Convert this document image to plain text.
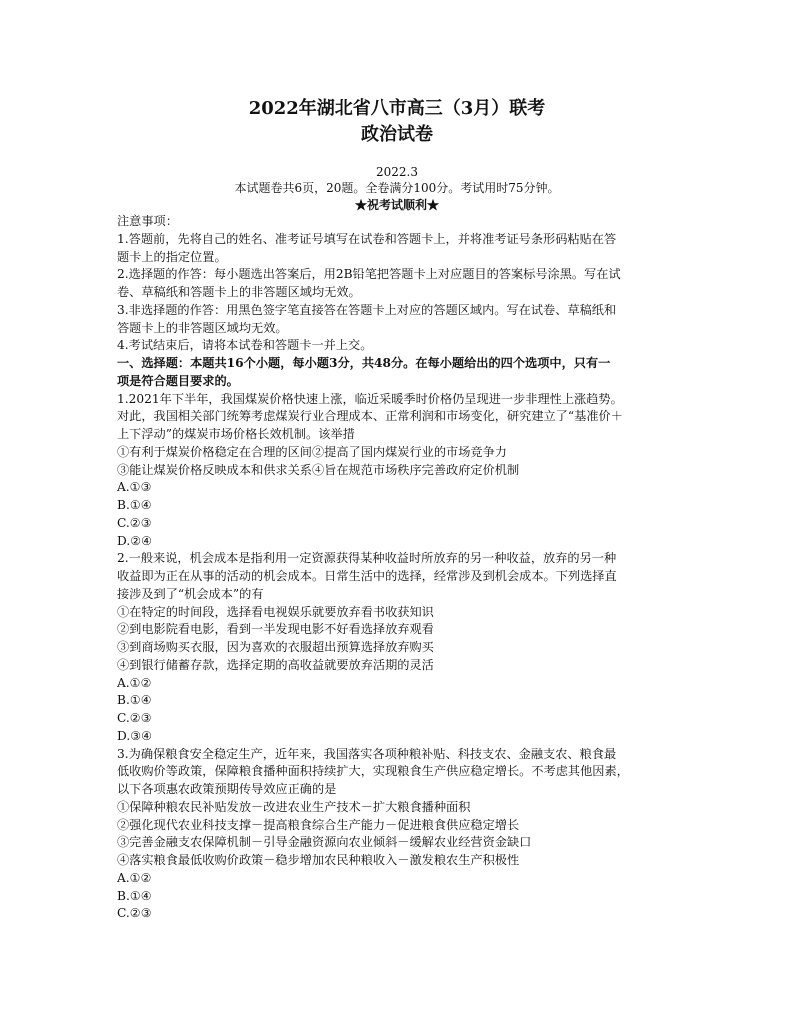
2022年湖北省八市高三（3月）联考
政治试卷

2022.3

本试题卷共6页，20题。全卷满分100分。考试用时75分钟。

★祝考试顺利★

注意事项：

1.答题前，先将自己的姓名、准考证号填写在试卷和答题卡上，并将准考证号条形码粘贴在答

题卡上的指定位置。

2.选择题的作答：每小题选出答案后，用2B铅笔把答题卡上对应题目的答案标号涂黑。写在试

卷、草稿纸和答题卡上的非答题区域均无效。

3.非选择题的作答：用黑色签字笔直接答在答题卡上对应的答题区域内。写在试卷、草稿纸和

答题卡上的非答题区域均无效。

4.考试结束后，请将本试卷和答题卡一并上交。

一、选择题：本题共16个小题，每小题3分，共48分。在每小题给出的四个选项中，只有一

项是符合题目要求的。

1.2021年下半年，我国煤炭价格快速上涨，临近采暖季时价格仍呈现进一步非理性上涨趋势。

对此，我国相关部门统筹考虑煤炭行业合理成本、正常利润和市场变化，研究建立了“基准价＋

上下浮动”的煤炭市场价格长效机制。该举措

①有利于煤炭价格稳定在合理的区间②提高了国内煤炭行业的市场竞争力

③能让煤炭价格反映成本和供求关系④旨在规范市场秩序完善政府定价机制

A.①③

B.①④

C.②③

D.②④

2.一般来说，机会成本是指利用一定资源获得某种收益时所放弃的另一种收益，放弃的另一种

收益即为正在从事的活动的机会成本。日常生活中的选择，经常涉及到机会成本。下列选择直

接涉及到了“机会成本”的有

①在特定的时间段，选择看电视娱乐就要放弃看书收获知识

②到电影院看电影，看到一半发现电影不好看选择放弃观看

③到商场购买衣服，因为喜欢的衣服超出预算选择放弃购买

④到银行储蓄存款，选择定期的高收益就要放弃活期的灵活

A.①②

B.①④

C.②③

D.③④

3.为确保粮食安全稳定生产，近年来，我国落实各项种粮补贴、科技支农、金融支农、粮食最

低收购价等政策，保障粮食播种面积持续扩大，实现粮食生产供应稳定增长。不考虑其他因素，

以下各项惠农政策预期传导效应正确的是

①保障种粮农民补贴发放－改进农业生产技术－扩大粮食播种面积

②强化现代农业科技支撑－提高粮食综合生产能力－促进粮食供应稳定增长

③完善金融支农保障机制－引导金融资源向农业倾斜－缓解农业经营资金缺口

④落实粮食最低收购价政策－稳步增加农民种粮收入－激发粮农生产积极性

A.①②

B.①④

C.②③
